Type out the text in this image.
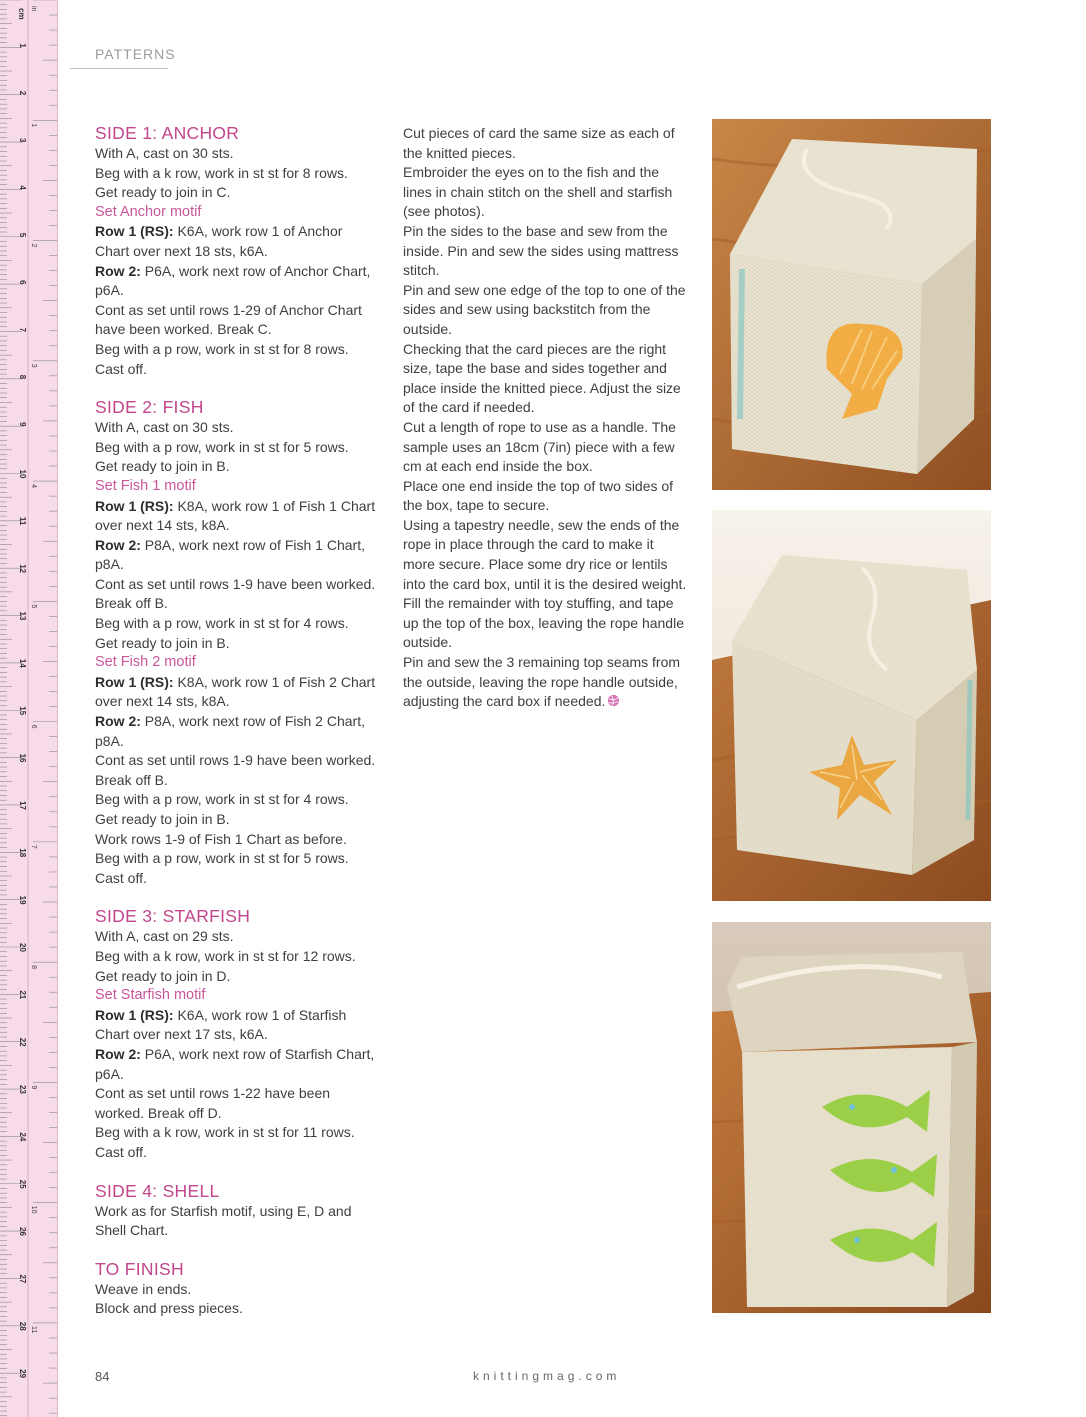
1
2
3
4
5
6
7
8
9
10
11
12
13
14
15
16
17
18
19
20
21
22
23
24
25
26
27
28
29
1
2
3
4
5
6
7
8
9
10
11
cm in
PATTERNS

SIDE 1: ANCHOR

With A, cast on 30 sts.

Beg with a k row, work in st st for 8 rows.

Get ready to join in C.

Set Anchor motif

Row 1 (RS): K6A, work row 1 of Anchor Chart over next 18 sts, k6A.

Row 2: P6A, work next row of Anchor Chart, p6A.

Cont as set until rows 1-29 of Anchor Chart have been worked. Break C.

Beg with a p row, work in st st for 8 rows.

Cast off.

SIDE 2: FISH

With A, cast on 30 sts.

Beg with a p row, work in st st for 5 rows.

Get ready to join in B.

Set Fish 1 motif

Row 1 (RS): K8A, work row 1 of Fish 1 Chart over next 14 sts, k8A.

Row 2: P8A, work next row of Fish 1 Chart, p8A.

Cont as set until rows 1-9 have been worked. Break off B.

Beg with a p row, work in st st for 4 rows.

Get ready to join in B.

Set Fish 2 motif

Row 1 (RS): K8A, work row 1 of Fish 2 Chart over next 14 sts, k8A.

Row 2: P8A, work next row of Fish 2 Chart, p8A.

Cont as set until rows 1-9 have been worked. Break off B.

Beg with a p row, work in st st for 4 rows.

Get ready to join in B.

Work rows 1-9 of Fish 1 Chart as before.

Beg with a p row, work in st st for 5 rows.

Cast off.

SIDE 3: STARFISH

With A, cast on 29 sts.

Beg with a k row, work in st st for 12 rows.

Get ready to join in D.

Set Starfish motif

Row 1 (RS): K6A, work row 1 of Starfish Chart over next 17 sts, k6A.

Row 2: P6A, work next row of Starfish Chart, p6A.

Cont as set until rows 1-22 have been worked. Break off D.

Beg with a k row, work in st st for 11 rows.

Cast off.

SIDE 4: SHELL

Work as for Starfish motif, using E, D and Shell Chart.

TO FINISH

Weave in ends.

Block and press pieces.

Cut pieces of card the same size as each of the knitted pieces.

Embroider the eyes on to the fish and the lines in chain stitch on the shell and starfish (see photos).

Pin the sides to the base and sew from the inside. Pin and sew the sides using mattress stitch.

Pin and sew one edge of the top to one of the sides and sew using backstitch from the outside.

Checking that the card pieces are the right size, tape the base and sides together and place inside the knitted piece. Adjust the size of the card if needed.

Cut a length of rope to use as a handle. The sample uses an 18cm (7in) piece with a few cm at each end inside the box.

Place one end inside the top of two sides of the box, tape to secure.

Using a tapestry needle, sew the ends of the rope in place through the card to make it more secure. Place some dry rice or lentils into the card box, until it is the desired weight. Fill the remainder with toy stuffing, and tape up the top of the box, leaving the rope handle outside.

Pin and sew the 3 remaining top seams from the outside, leaving the rope handle outside, adjusting the card box if needed.

84	knittingmag.com
